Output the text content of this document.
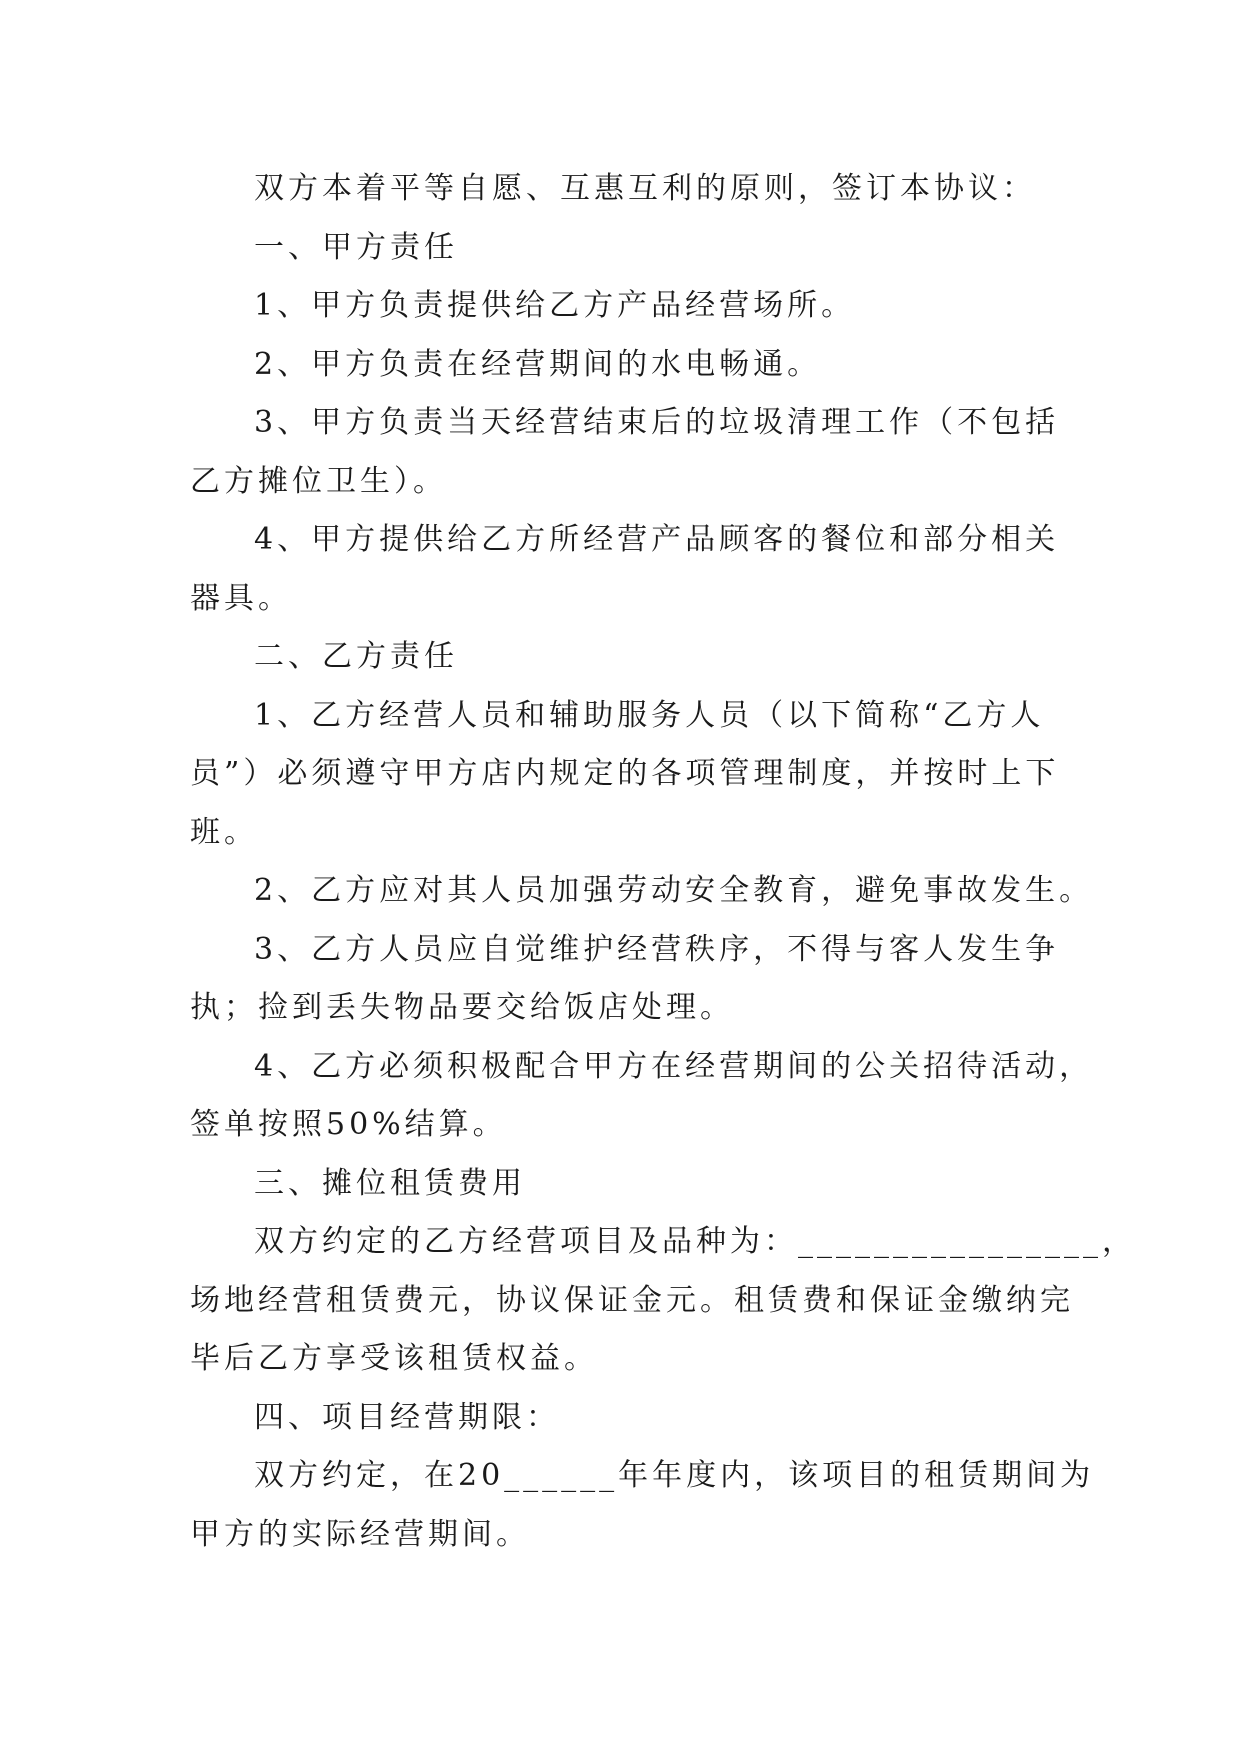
双方本着平等自愿、互惠互利的原则，签订本协议：
一、甲方责任
1、甲方负责提供给乙方产品经营场所。
2、甲方负责在经营期间的水电畅通。
3、甲方负责当天经营结束后的垃圾清理工作（不包括
乙方摊位卫生）。
4、甲方提供给乙方所经营产品顾客的餐位和部分相关
器具。
二、乙方责任
1、乙方经营人员和辅助服务人员（以下简称“乙方人
员”）必须遵守甲方店内规定的各项管理制度，并按时上下
班。
2、乙方应对其人员加强劳动安全教育，避免事故发生。
3、乙方人员应自觉维护经营秩序，不得与客人发生争
执；捡到丢失物品要交给饭店处理。
4、乙方必须积极配合甲方在经营期间的公关招待活动，
签单按照50%结算。
三、摊位租赁费用
双方约定的乙方经营项目及品种为：________________，
场地经营租赁费元，协议保证金元。租赁费和保证金缴纳完
毕后乙方享受该租赁权益。
四、项目经营期限：
双方约定，在20______年年度内，该项目的租赁期间为
甲方的实际经营期间。
